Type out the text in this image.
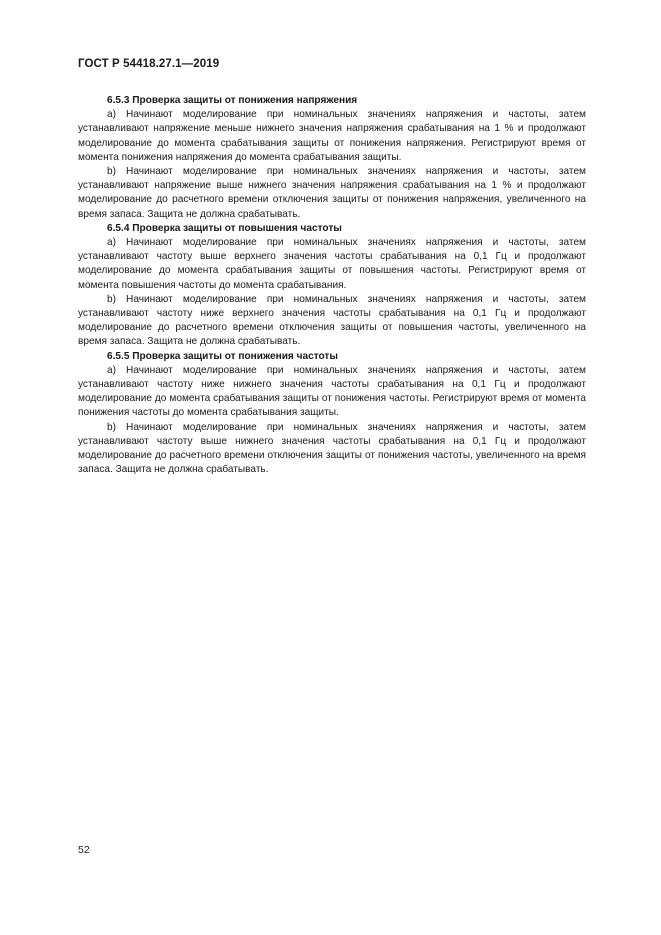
ГОСТ Р 54418.27.1—2019

6.5.3 Проверка защиты от понижения напряжения

а) Начинают моделирование при номинальных значениях напряжения и частоты, затем устанавливают напряжение меньше нижнего значения напряжения срабатывания на 1 % и продолжают моделирование до момента срабатывания защиты от понижения напряжения. Регистрируют время от момента понижения напряжения до момента срабатывания защиты.

b) Начинают моделирование при номинальных значениях напряжения и частоты, затем устанавливают напряжение выше нижнего значения напряжения срабатывания на 1 % и продолжают моделирование до расчетного времени отключения защиты от понижения напряжения, увеличенного на время запаса. Защита не должна срабатывать.

6.5.4 Проверка защиты от повышения частоты

а) Начинают моделирование при номинальных значениях напряжения и частоты, затем устанавливают частоту выше верхнего значения частоты срабатывания на 0,1 Гц и продолжают моделирование до момента срабатывания защиты от повышения частоты. Регистрируют время от момента повышения частоты до момента срабатывания.

b) Начинают моделирование при номинальных значениях напряжения и частоты, затем устанавливают частоту ниже верхнего значения частоты срабатывания на 0,1 Гц и продолжают моделирование до расчетного времени отключения защиты от повышения частоты, увеличенного на время запаса. Защита не должна срабатывать.

6.5.5 Проверка защиты от понижения частоты

а) Начинают моделирование при номинальных значениях напряжения и частоты, затем устанавливают частоту ниже нижнего значения частоты срабатывания на 0,1 Гц и продолжают моделирование до момента срабатывания защиты от понижения частоты. Регистрируют время от момента понижения частоты до момента срабатывания защиты.

b) Начинают моделирование при номинальных значениях напряжения и частоты, затем устанавливают частоту выше нижнего значения частоты срабатывания на 0,1 Гц и продолжают моделирование до расчетного времени отключения защиты от понижения частоты, увеличенного на время запаса. Защита не должна срабатывать.

52
